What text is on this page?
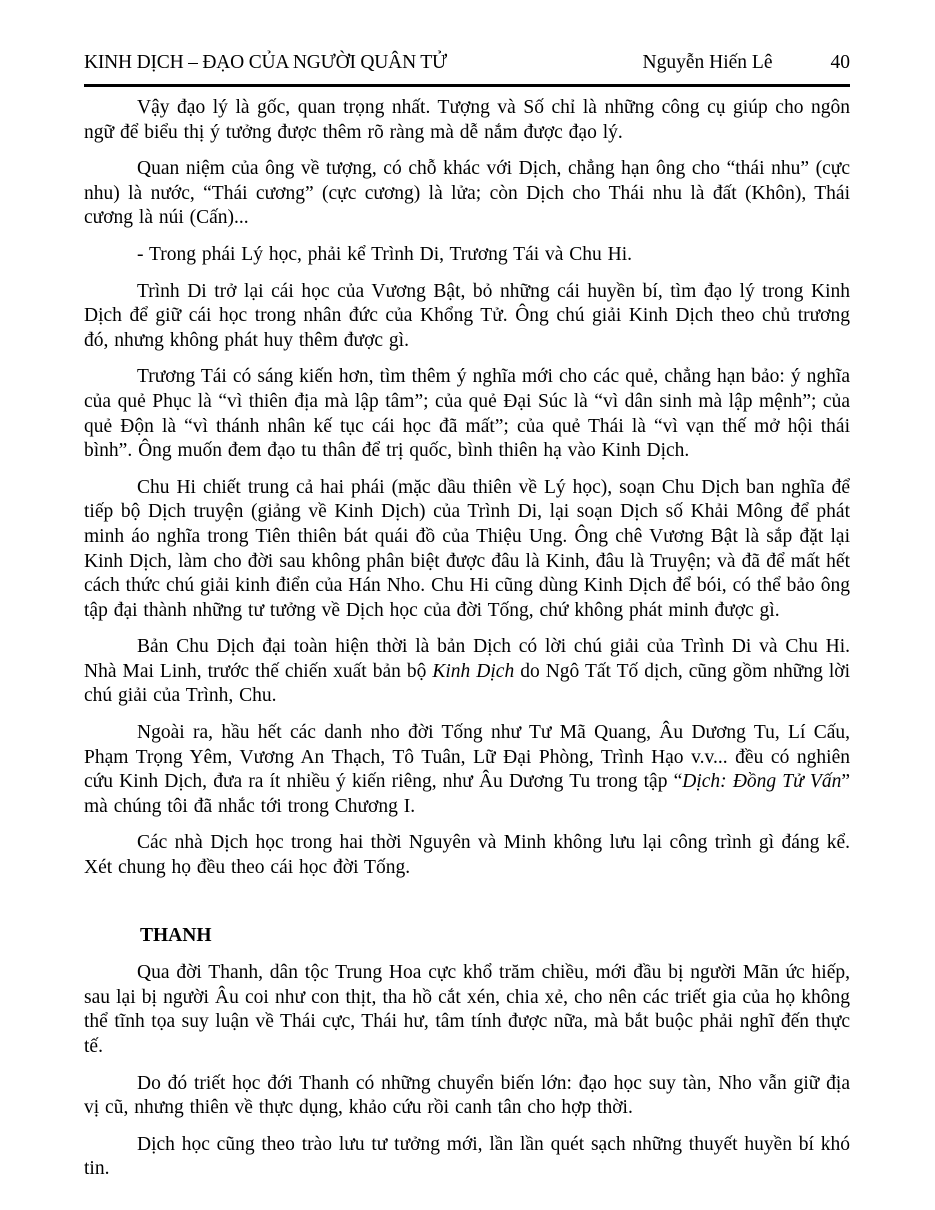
KINH DỊCH – ĐẠO CỦA NGƯỜI QUÂN TỬ	Nguyễn Hiến Lê	40

Vậy đạo lý là gốc, quan trọng nhất. Tượng và Số chỉ là những công cụ giúp cho ngôn ngữ để biểu thị ý tưởng được thêm rõ ràng mà dễ nắm được đạo lý.

Quan niệm của ông về tượng, có chỗ khác với Dịch, chẳng hạn ông cho “thái nhu” (cực nhu) là nước, “Thái cương” (cực cương) là lửa; còn Dịch cho Thái nhu là đất (Khôn), Thái cương là núi (Cấn)...

- Trong phái Lý học, phải kể Trình Di, Trương Tái và Chu Hi.

Trình Di trở lại cái học của Vương Bật, bỏ những cái huyền bí, tìm đạo lý trong Kinh Dịch để giữ cái học trong nhân đức của Khổng Tử. Ông chú giải Kinh Dịch theo chủ trương đó, nhưng không phát huy thêm được gì.

Trương Tái có sáng kiến hơn, tìm thêm ý nghĩa mới cho các quẻ, chẳng hạn bảo: ý nghĩa của quẻ Phục là “vì thiên địa mà lập tâm”; của quẻ Đại Súc là “vì dân sinh mà lập mệnh”; của quẻ Độn là “vì thánh nhân kế tục cái học đã mất”; của quẻ Thái là “vì vạn thế mở hội thái bình”. Ông muốn đem đạo tu thân để trị quốc, bình thiên hạ vào Kinh Dịch.

Chu Hi chiết trung cả hai phái (mặc dầu thiên về Lý học), soạn Chu Dịch ban nghĩa để tiếp bộ Dịch truyện (giảng về Kinh Dịch) của Trình Di, lại soạn Dịch số Khải Mông để phát minh áo nghĩa trong Tiên thiên bát quái đồ của Thiệu Ung. Ông chê Vương Bật là sắp đặt lại Kinh Dịch, làm cho đời sau không phân biệt được đâu là Kinh, đâu là Truyện; và đã để mất hết cách thức chú giải kinh điển của Hán Nho. Chu Hi cũng dùng Kinh Dịch để bói, có thể bảo ông tập đại thành những tư tưởng về Dịch học của đời Tống, chứ không phát minh được gì.

Bản Chu Dịch đại toàn hiện thời là bản Dịch có lời chú giải của Trình Di và Chu Hi. Nhà Mai Linh, trước thế chiến xuất bản bộ Kinh Dịch do Ngô Tất Tố dịch, cũng gồm những lời chú giải của Trình, Chu.

Ngoài ra, hầu hết các danh nho đời Tống như Tư Mã Quang, Âu Dương Tu, Lí Cấu, Phạm Trọng Yêm, Vương An Thạch, Tô Tuân, Lữ Đại Phòng, Trình Hạo v.v... đều có nghiên cứu Kinh Dịch, đưa ra ít nhiều ý kiến riêng, như Âu Dương Tu trong tập “Dịch: Đồng Tử Vấn” mà chúng tôi đã nhắc tới trong Chương I.

Các nhà Dịch học trong hai thời Nguyên và Minh không lưu lại công trình gì đáng kể. Xét chung họ đều theo cái học đời Tống.

THANH

Qua đời Thanh, dân tộc Trung Hoa cực khổ trăm chiều, mới đầu bị người Mãn ức hiếp, sau lại bị người Âu coi như con thịt, tha hồ cắt xén, chia xẻ, cho nên các triết gia của họ không thể tĩnh tọa suy luận về Thái cực, Thái hư, tâm tính được nữa, mà bắt buộc phải nghĩ đến thực tế.

Do đó triết học đới Thanh có những chuyển biến lớn: đạo học suy tàn, Nho vẫn giữ địa vị cũ, nhưng thiên về thực dụng, khảo cứu rồi canh tân cho hợp thời.

Dịch học cũng theo trào lưu tư tưởng mới, lần lần quét sạch những thuyết huyền bí khó tin.
